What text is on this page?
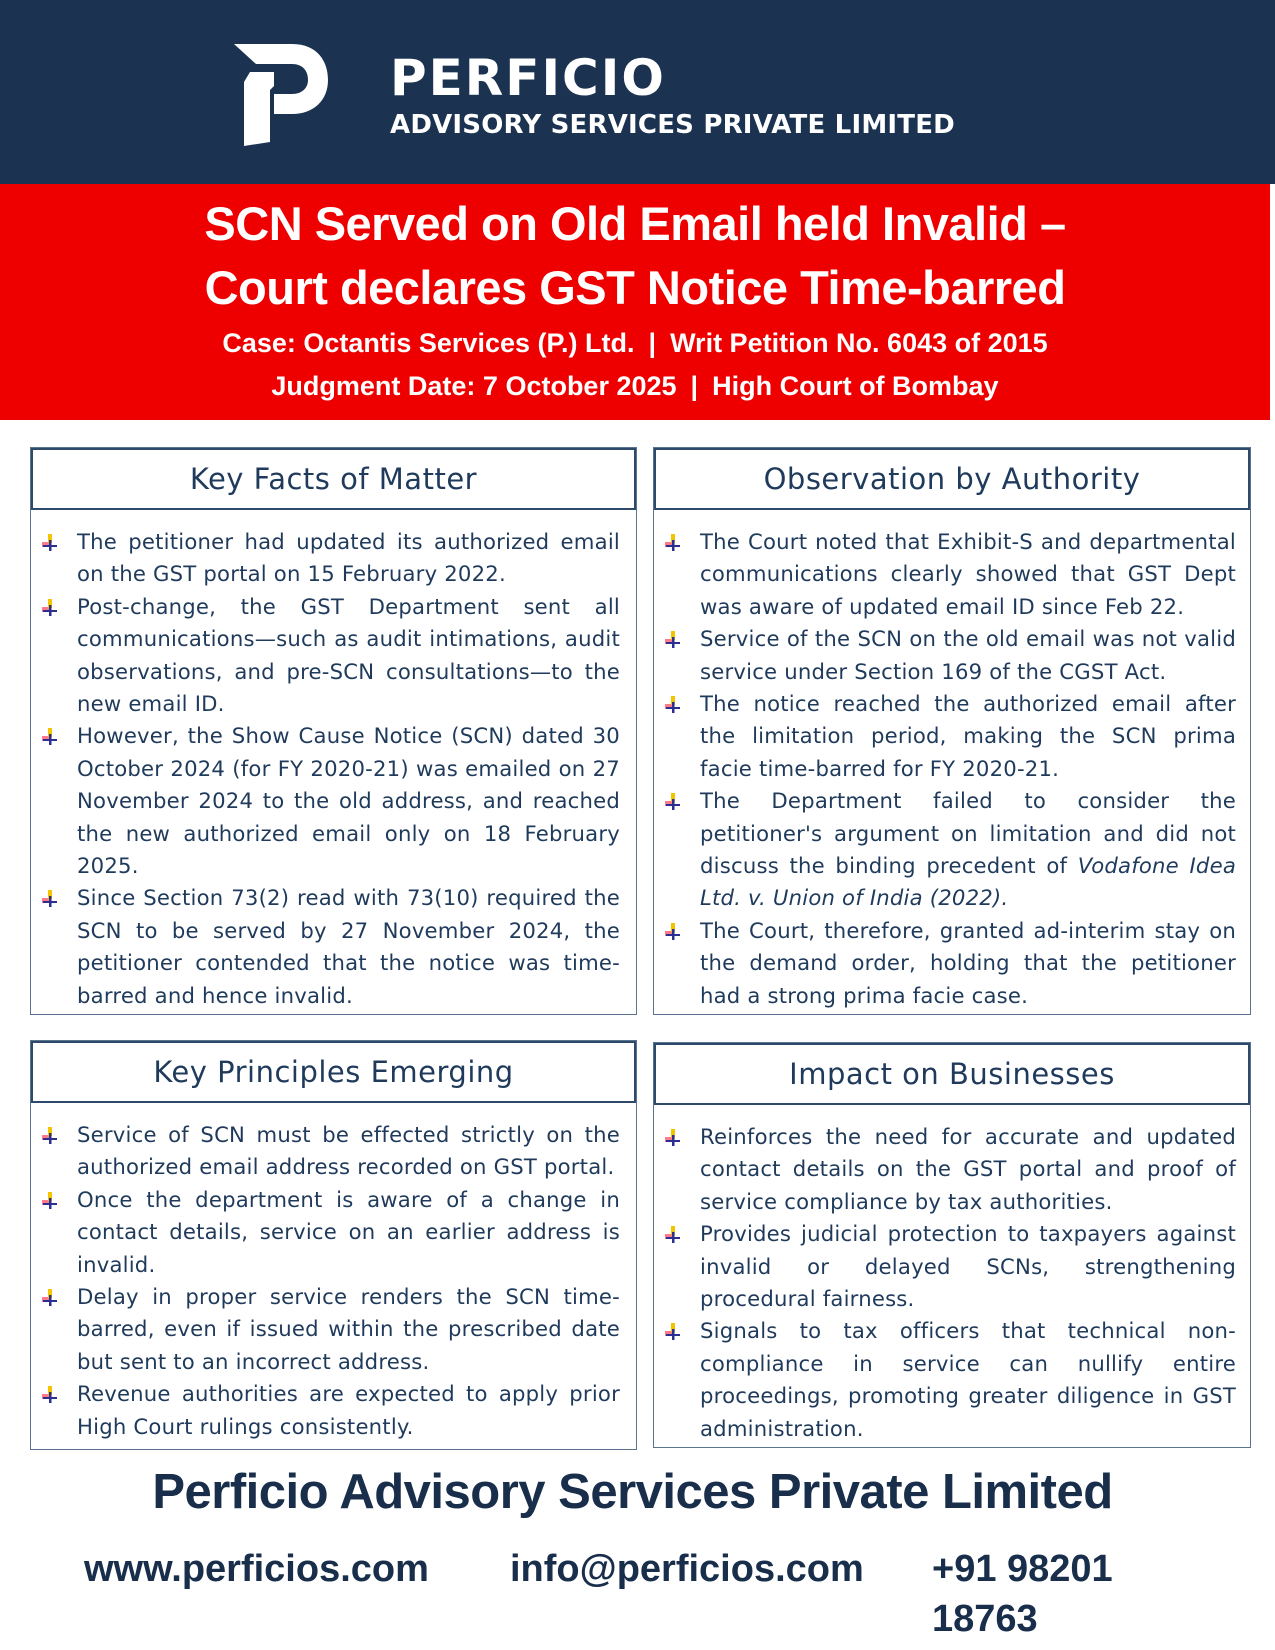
PERFICIO
ADVISORY SERVICES PRIVATE LIMITED
SCN Served on Old Email held Invalid –
Court declares GST Notice Time-barred
Case: Octantis Services (P.) Ltd. | Writ Petition No. 6043 of 2015
Judgment Date: 7 October 2025 | High Court of Bombay
Key Facts of Matter
The petitioner had updated its authorized email on the GST portal on 15 February 2022.
Post-change, the GST Department sent all communications—such as audit intimations, audit observations, and pre-SCN consultations—to the new email ID.
However, the Show Cause Notice (SCN) dated 30 October 2024 (for FY 2020-21) was emailed on 27 November 2024 to the old address, and reached the new authorized email only on 18 February 2025.
Since Section 73(2) read with 73(10) required the SCN to be served by 27 November 2024, the petitioner contended that the notice was time-barred and hence invalid.
Observation by Authority
The Court noted that Exhibit-S and departmental communications clearly showed that GST Dept was aware of updated email ID since Feb 22.
Service of the SCN on the old email was not valid service under Section 169 of the CGST Act.
The notice reached the authorized email after the limitation period, making the SCN prima facie time-barred for FY 2020-21.
The Department failed to consider the petitioner's argument on limitation and did not discuss the binding precedent of Vodafone Idea Ltd. v. Union of India (2022).
The Court, therefore, granted ad-interim stay on the demand order, holding that the petitioner had a strong prima facie case.
Key Principles Emerging
Service of SCN must be effected strictly on the authorized email address recorded on GST portal.
Once the department is aware of a change in contact details, service on an earlier address is invalid.
Delay in proper service renders the SCN time-barred, even if issued within the prescribed date but sent to an incorrect address.
Revenue authorities are expected to apply prior High Court rulings consistently.
Impact on Businesses
Reinforces the need for accurate and updated contact details on the GST portal and proof of service compliance by tax authorities.
Provides judicial protection to taxpayers against invalid or delayed SCNs, strengthening procedural fairness.
Signals to tax officers that technical non-compliance in service can nullify entire proceedings, promoting greater diligence in GST administration.
Perficio Advisory Services Private Limited
www.perficios.com info@perficios.com +91 98201 18763
